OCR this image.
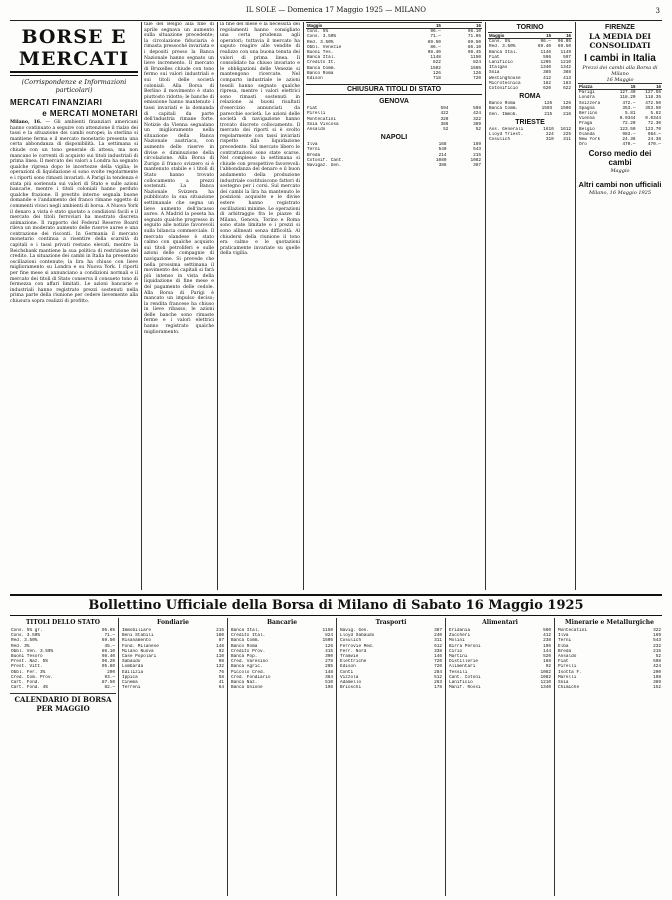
IL SOLE — Domenica 17 Maggio 1925 — MILANO	3
BORSE E MERCATI
(Corrispondenze e Informazioni particolari)
MERCATI FINANZIARI
e MERCATI MONETARI
Milano, 16. — Gli ambienti finanziari americani hanno continuato a seguire con attenzione il rialzo dei tassi e la situazione dei cambi europei; la sterlina si mantiene ferma e il mercato monetario presenta una certa abbondanza di disponibilità. La settimana si chiude con un tono generale di attesa, ma non mancano le correnti di acquisto sui titoli industriali di prima linea. Il mercato dei valori a Londra ha segnato qualche ripresa dopo le incertezze della vigilia; le operazioni di liquidazione si sono svolte regolarmente e i riporti sono rimasti invariati. A Parigi la tendenza è stata più sostenuta sui valori di Stato e sulle azioni bancarie, mentre i titoli coloniali hanno perduto qualche frazione. Il prestito interno segnala buone domande e l'andamento del franco rimane oggetto di commenti vivaci negli ambienti di borsa. A Nuova York il denaro a vista è stato quotato a condizioni facili e il mercato dei titoli ferroviari ha mostrato discreta animazione. Il rapporto del Federal Reserve Board rileva un moderato aumento delle riserve auree e una contrazione dei risconti. In Germania il mercato monetario continua a risentire della scarsità di capitali e i tassi privati restano elevati, mentre la Reichsbank mantiene la sua politica di restrizione del credito. La situazione dei cambi in Italia ha presentato oscillazioni contenute; la lira ha chiuso con lieve miglioramento su Londra e su Nuova York. I riporti per fine mese si annunciano a condizioni normali e il mercato dei titoli di Stato conserva il consueto tono di fermezza con affari limitati. Le azioni bancarie e industriali hanno registrato prezzi sostenuti nella prima parte della riunione per cedere lievemente alla chiusura sopra realizzi di profitto.
tale del Belgio alla fine di aprile segnava un aumento sulla situazione precedente; la circolazione fiduciaria è rimasta pressoché invariata e i depositi presso la Banca Nazionale hanno segnato un lieve incremento. Il mercato di Bruxelles chiude con tono fermo sui valori industriali e sui titoli delle società coloniali. Alla Borsa di Berlino il movimento è stato piuttosto ridotto; le banche di emissione hanno mantenuto i tassi invariati e la domanda di capitali da parte dell'industria rimane forte. Notizie da Vienna segnalano un miglioramento nella situazione della Banca Nazionale austriaca, con aumento delle riserve in divise e diminuzione della circolazione. Alla Borsa di Zurigo il franco svizzero si è mantenuto stabile e i titoli di Stato hanno trovato collocamento a prezzi sostenuti. La Banca Nazionale Svizzera ha pubblicato la sua situazione settimanale che segna un lieve aumento dell'incasso aureo. A Madrid la peseta ha segnato qualche progresso in seguito alle notizie favorevoli sulla bilancia commerciale. Il mercato olandese è stato calmo con qualche acquisto sui titoli petroliferi e sulle azioni delle compagnie di navigazione. Si prevede che nella prossima settimana il movimento dei capitali si farà più intenso in vista della liquidazione di fine mese e del pagamento delle cedole. Alla Borsa di Parigi è mancato un impulso deciso; la rendita francese ha chiuso in lieve ribasso, le azioni delle banche sono rimaste ferme e i valori elettrici hanno registrato qualche miglioramento.
la fine del mese e la necessità dei regolamenti hanno consigliato una certa prudenza agli operatori; tuttavia il mercato ha saputo reagire alle vendite di realizzo con una buona tenuta dei valori di prima linea. Il consolidato ha chiuso invariato e le obbligazioni delle Venezie si mantengono ricercate. Nel comparto industriale le azioni tessili hanno segnato qualche ripresa, mentre i valori elettrici sono rimasti sostenuti in relazione ai buoni risultati d'esercizio annunciati da parecchie società. Le azioni delle società di navigazione hanno trovato discreto collocamento. Il mercato dei riporti si è svolto regolarmente con tassi invariati rispetto alla liquidazione precedente. Sul mercato libero le contrattazioni sono state scarse. Nel complesso la settimana si chiude con prospettive favorevoli: l'abbondanza del denaro e il buon andamento della produzione industriale costituiscono fattori di sostegno per i corsi. Sul mercato dei cambi la lira ha mantenuto le posizioni acquisite e le divise estere hanno registrato oscillazioni minime. Le operazioni di arbitraggio fra le piazze di Milano, Genova, Torino e Roma sono state limitate e i prezzi si sono allineati senza difficoltà. Al chiudersi della riunione il tono era calmo e le quotazioni praticamente invariate su quelle della vigilia.
Maggio	15	16
Cons. 5%	96.—	96.10
Cons. 3.50%	71.—	71.05
Red. 3.50%	69.50	69.50
Obbl. Venezie	86.—	86.10
Buoni Tes.	98.40	98.45
Banca Ital.	1148	1150
Credito It.	822	824
Banca Comm.	1502	1505
Banco Roma	126	126
Edison	718	720
CHIUSURA TITOLI DI STATO
GENOVA
Fiat	594	598
Pirelli	422	424
Montecatini	320	322
Snia Viscosa	386	389
Ansaldo	52	52
NAPOLI
Ilva	168	169
Terni	540	543
Breda	214	215
Cotonif. Cant.	1080	1082
Navigaz. Gen.	386	387
TORINO
Maggio	15	16
Cons. 5%	96.—	96.05
Red. 3.50%	69.40	69.50
Banca Ital.	1146	1149
Fiat	596	597
Lanificio	1205	1210
Italgas	1340	1342
Snia	385	388
Westinghouse	412	413
Microtecnica	182	183
Cotonificio	620	622
ROMA
Banco Roma	126	126
Banca Comm.	1503	1506
Gen. Immob.	215	216
TRIESTE
Ass. Generali	1610	1612
Lloyd Triest.	224	225
Cosulich	310	311
FIRENZE
LA MEDIA DEI CONSOLIDATI
I cambi in Italia
Prezzi dei cambi alla Borsa di Milano
16 Maggio
Piazza	15	16
Parigi	127.40	127.55
Londra	118.20	118.35
Svizzera	472.—	472.50
Spagna	353.—	353.50
Berlino	5.81	5.82
Vienna	0.0344	0.0344
Praga	72.20	72.30
Belgio	123.50	123.70
Olanda	983.—	984.—
New York	24.36	24.38
Oro	470.—	470.—
Corso medio dei cambi
Maggio
Altri cambi non ufficiali
Milano, 16 Maggio 1925
Bollettino Ufficiale della Borsa di Milano di Sabato 16 Maggio 1925
TITOLI DELLO STATO
Cons. 5% gr.	96.05
Cons. 3.50%	71.—
Red. 3.50%	69.50
Red. 3%	45.—
Obbl. Ven. 3.50%	86.10
Buoni Tesoro	98.40
Prest. Naz. 5%	96.20
Prest. Vitt.	95.80
Obbl. Fer. 3%	290
Cred. Com. Prov.	93.—
Cart. Fond.	87.50
Cart. Fond. 4%	82.—
CALENDARIO DI BORSA PER MAGGIO
Fondiarie
Immobiliare	215
Beni Stabili	180
Risanamento	87
Fond. Milanese	148
Milano Nuova	92
Case Popolari	110
Sabaudo	98
Lombarda	132
Edilizia	76
Ippica	58
Cinema	41
Terreni	64
Bancarie
Banca Ital.	1150
Credito Ital.	824
Banca Comm.	1505
Banco Roma	126
Credito Prov.	415
Banca Pop.	390
Cred. Varesino	278
Banca Agric.	205
Piccolo Cred.	148
Cred. Fondiario	364
Banca Naz.	510
Banca Unione	198
Trasporti
Navig. Gen.	387
Lloyd Sabaudo	240
Cosulich	311
Ferrovie Med.	612
Ferr. Nord	338
Tramvie	146
Elettriche	720
Edison	720
Conti	284
Vizzola	512
Adamello	263
Brioschi	178
Alimentari
Eridania	560
Zuccheri	412
Molini	238
Birra Peroni	196
Cirio	144
Martini	520
Distillerie	168
Alimentari	92
Tessili	1082
Cant. Cotoni	1082
Lanificio	1210
Manif. Rossi	1340
Minerarie e Metallurgiche
Montecatini	322
Ilva	169
Terni	543
Elba	232
Breda	215
Ansaldo	52
Fiat	598
Pirelli	424
Isotta F.	290
Marelli	198
Snia	389
Chimiche	152
